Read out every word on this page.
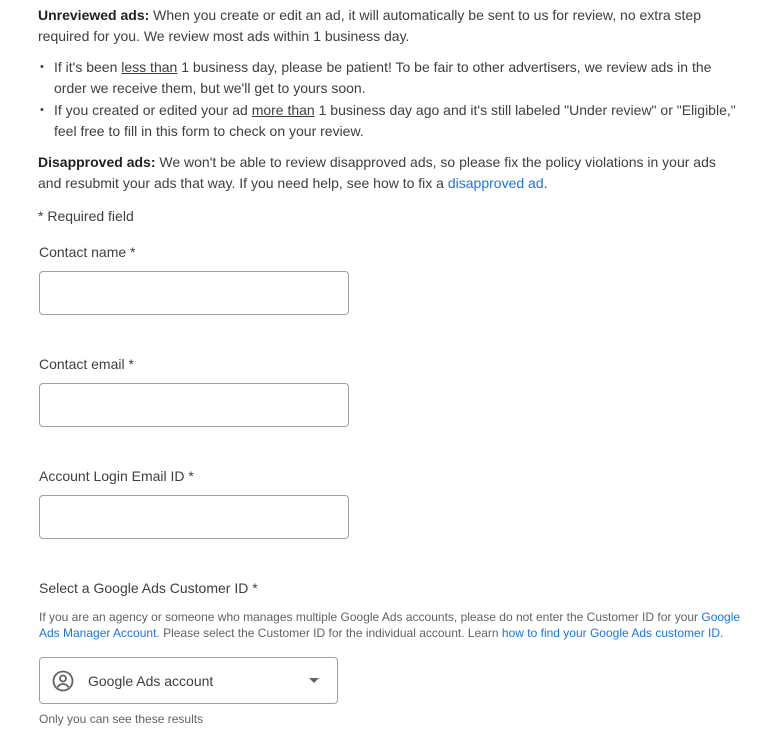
Unreviewed ads: When you create or edit an ad, it will automatically be sent to us for review, no extra step required for you. We review most ads within 1 business day.
• If it's been less than 1 business day, please be patient! To be fair to other advertisers, we review ads in the order we receive them, but we'll get to yours soon.
• If you created or edited your ad more than 1 business day ago and it's still labeled "Under review" or "Eligible," feel free to fill in this form to check on your review.
Disapproved ads: We won't be able to review disapproved ads, so please fix the policy violations in your ads and resubmit your ads that way. If you need help, see how to fix a disapproved ad.
* Required field
Contact name *
Contact email *
Account Login Email ID *
Select a Google Ads Customer ID *
If you are an agency or someone who manages multiple Google Ads accounts, please do not enter the Customer ID for your Google Ads Manager Account. Please select the Customer ID for the individual account. Learn how to find your Google Ads customer ID.
Google Ads account
Only you can see these results
